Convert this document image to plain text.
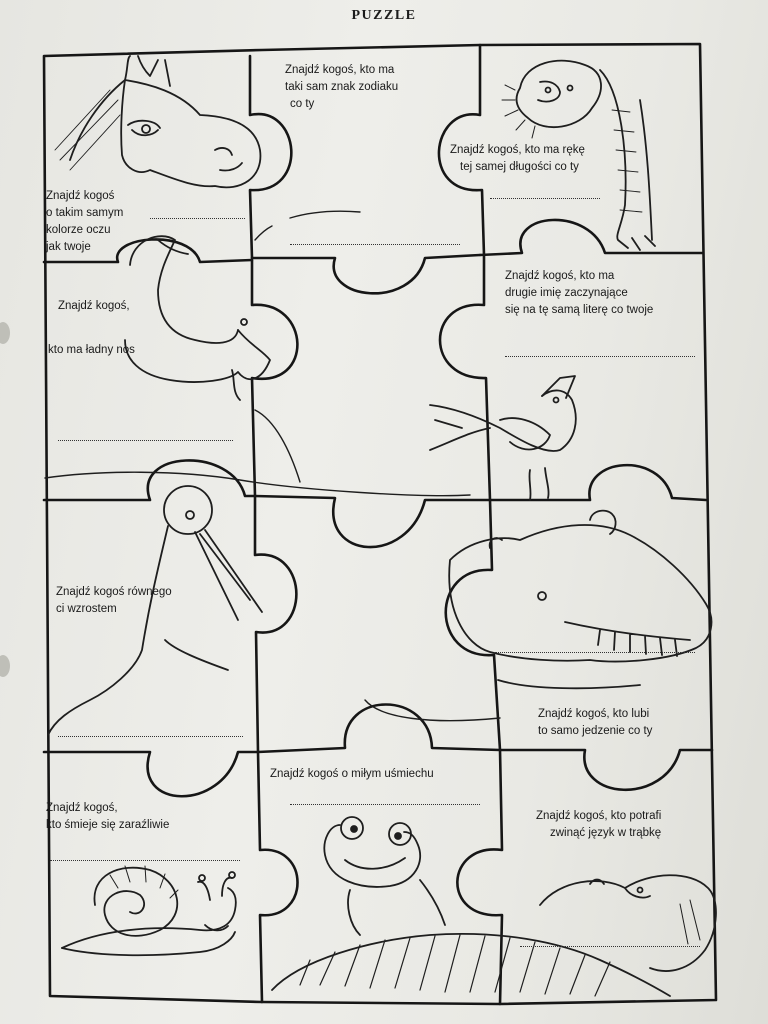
PUZZLE
Znajdź kogoś
o takim samym
kolorze oczu
jak twoje
Znajdź kogoś, kto ma
taki sam znak zodiaku
co ty
Znajdź kogoś, kto ma rękę
tej samej długości co ty
Znajdź kogoś,
kto ma ładny nos
Znajdź kogoś, kto ma
drugie imię zaczynające
się na tę samą literę co twoje
Znajdź kogoś równego
ci wzrostem
Znajdź kogoś, kto lubi
to samo jedzenie co ty
Znajdź kogoś,
kto śmieje się zaraźliwie
Znajdź kogoś o miłym uśmiechu
Znajdź kogoś, kto potrafi
zwinąć język w trąbkę
